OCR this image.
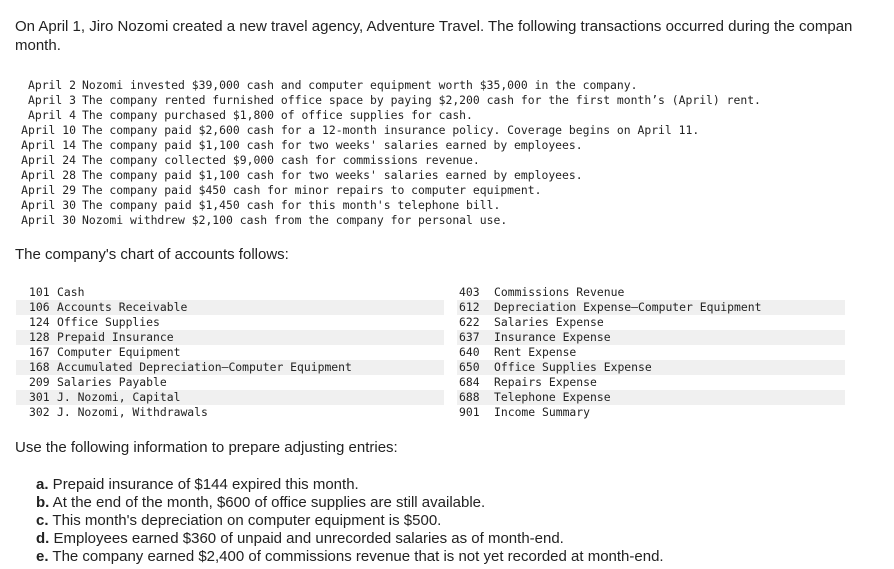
On April 1, Jiro Nozomi created a new travel agency, Adventure Travel. The following transactions occurred during the compan
month.
April 2 Nozomi invested $39,000 cash and computer equipment worth $35,000 in the company.
April 3 The company rented furnished office space by paying $2,200 cash for the first month’s (April) rent.
April 4 The company purchased $1,800 of office supplies for cash.
April 10 The company paid $2,600 cash for a 12-month insurance policy. Coverage begins on April 11.
April 14 The company paid $1,100 cash for two weeks' salaries earned by employees.
April 24 The company collected $9,000 cash for commissions revenue.
April 28 The company paid $1,100 cash for two weeks' salaries earned by employees.
April 29 The company paid $450 cash for minor repairs to computer equipment.
April 30 The company paid $1,450 cash for this month's telephone bill.
April 30 Nozomi withdrew $2,100 cash from the company for personal use.
The company's chart of accounts follows:
101 Cash
106 Accounts Receivable
124 Office Supplies
128 Prepaid Insurance
167 Computer Equipment
168 Accumulated Depreciation—Computer Equipment
209 Salaries Payable
301 J. Nozomi, Capital
302 J. Nozomi, Withdrawals
403 Commissions Revenue
612 Depreciation Expense—Computer Equipment
622 Salaries Expense
637 Insurance Expense
640 Rent Expense
650 Office Supplies Expense
684 Repairs Expense
688 Telephone Expense
901 Income Summary
Use the following information to prepare adjusting entries:
a. Prepaid insurance of $144 expired this month.
b. At the end of the month, $600 of office supplies are still available.
c. This month's depreciation on computer equipment is $500.
d. Employees earned $360 of unpaid and unrecorded salaries as of month-end.
e. The company earned $2,400 of commissions revenue that is not yet recorded at month-end.
